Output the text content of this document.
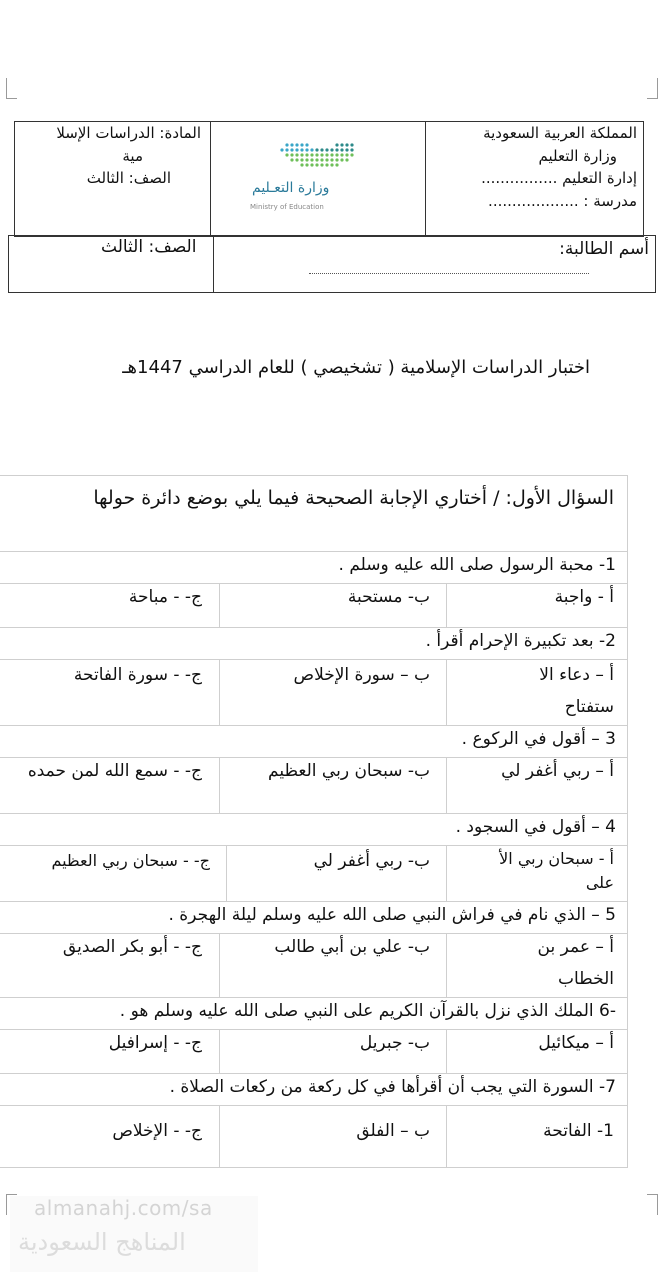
المملكة العربية السعودية
وزارة التعليم
إدارة التعليم ................
مدرسة : ...................
المادة: الدراسات الإسلا
مية
الصف: الثالث
وزارة التعـليم
Ministry of Education
أسم الطالبة:
الصف: الثالث
اختبار الدراسات الإسلامية ( تشخيصي ) للعام الدراسي 1447هـ
السؤال الأول: / أختاري الإجابة الصحيحة فيما يلي بوضع دائرة حولها
1- محبة الرسول صلى الله عليه وسلم .
أ - واجبة
ب- مستحبة
ج- - مباحة
2- بعد تكبيرة الإحرام أقرأ .
أ – دعاء الا
ستفتاح
ب – سورة الإخلاص
ج- - سورة الفاتحة
3 – أقول في الركوع .
أ – ربي أغفر لي
ب- سبحان ربي العظيم
ج- - سمع الله لمن حمده
4 – أقول في السجود .
أ - سبحان ربي الأ
على
ب- ربي أغفر لي
ج- - سبحان ربي العظيم
5 – الذي نام في فراش النبي صلى الله عليه وسلم ليلة الهجرة .
أ – عمر بن
الخطاب
ب- علي بن أبي طالب
ج- - أبو بكر الصديق
-6 الملك الذي نزل بالقرآن الكريم على النبي صلى الله عليه وسلم هو .
أ – ميكائيل
ب- جبريل
ج- - إسرافيل
7- السورة التي يجب أن أقرأها في كل ركعة من ركعات الصلاة .
1- الفاتحة
ب – الفلق
ج- - الإخلاص
almanahj.com/sa
المناهج السعودية
